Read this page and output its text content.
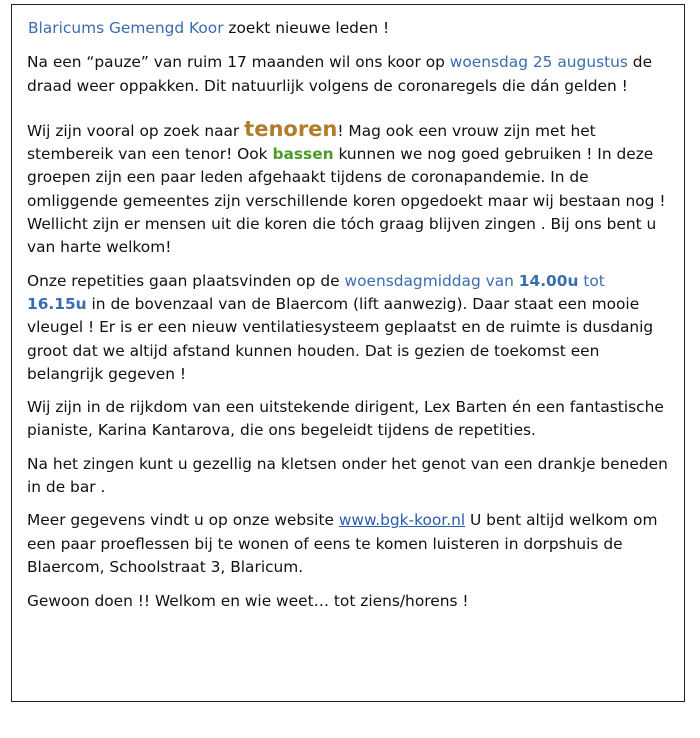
Blaricums Gemengd Koor zoekt nieuwe leden !

Na een “pauze” van ruim 17 maanden wil ons koor op woensdag 25 augustus de draad weer oppakken. Dit natuurlijk volgens de coronaregels die dán gelden !

Wij zijn vooral op zoek naar tenoren! Mag ook een vrouw zijn met het stembereik van een tenor! Ook bassen kunnen we nog goed gebruiken ! In deze groepen zijn een paar leden afgehaakt tijdens de coronapandemie. In de omliggende gemeentes zijn verschillende koren opgedoekt maar wij bestaan nog ! Wellicht zijn er mensen uit die koren die tóch graag blijven zingen . Bij ons bent u van harte welkom!

Onze repetities gaan plaatsvinden op de woensdagmiddag van 14.00u tot
16.15u in de bovenzaal van de Blaercom (lift aanwezig). Daar staat een mooie vleugel ! Er is er een nieuw ventilatiesysteem geplaatst en de ruimte is dusdanig groot dat we altijd afstand kunnen houden. Dat is gezien de toekomst een belangrijk gegeven !

Wij zijn in de rijkdom van een uitstekende dirigent, Lex Barten én een fantastische pianiste, Karina Kantarova, die ons begeleidt tijdens de repetities.

Na het zingen kunt u gezellig na kletsen onder het genot van een drankje beneden in de bar .

Meer gegevens vindt u op onze website www.bgk-koor.nl U bent altijd welkom om een paar proeflessen bij te wonen of eens te komen luisteren in dorpshuis de Blaercom, Schoolstraat 3, Blaricum.

Gewoon doen !! Welkom en wie weet… tot ziens/horens !
